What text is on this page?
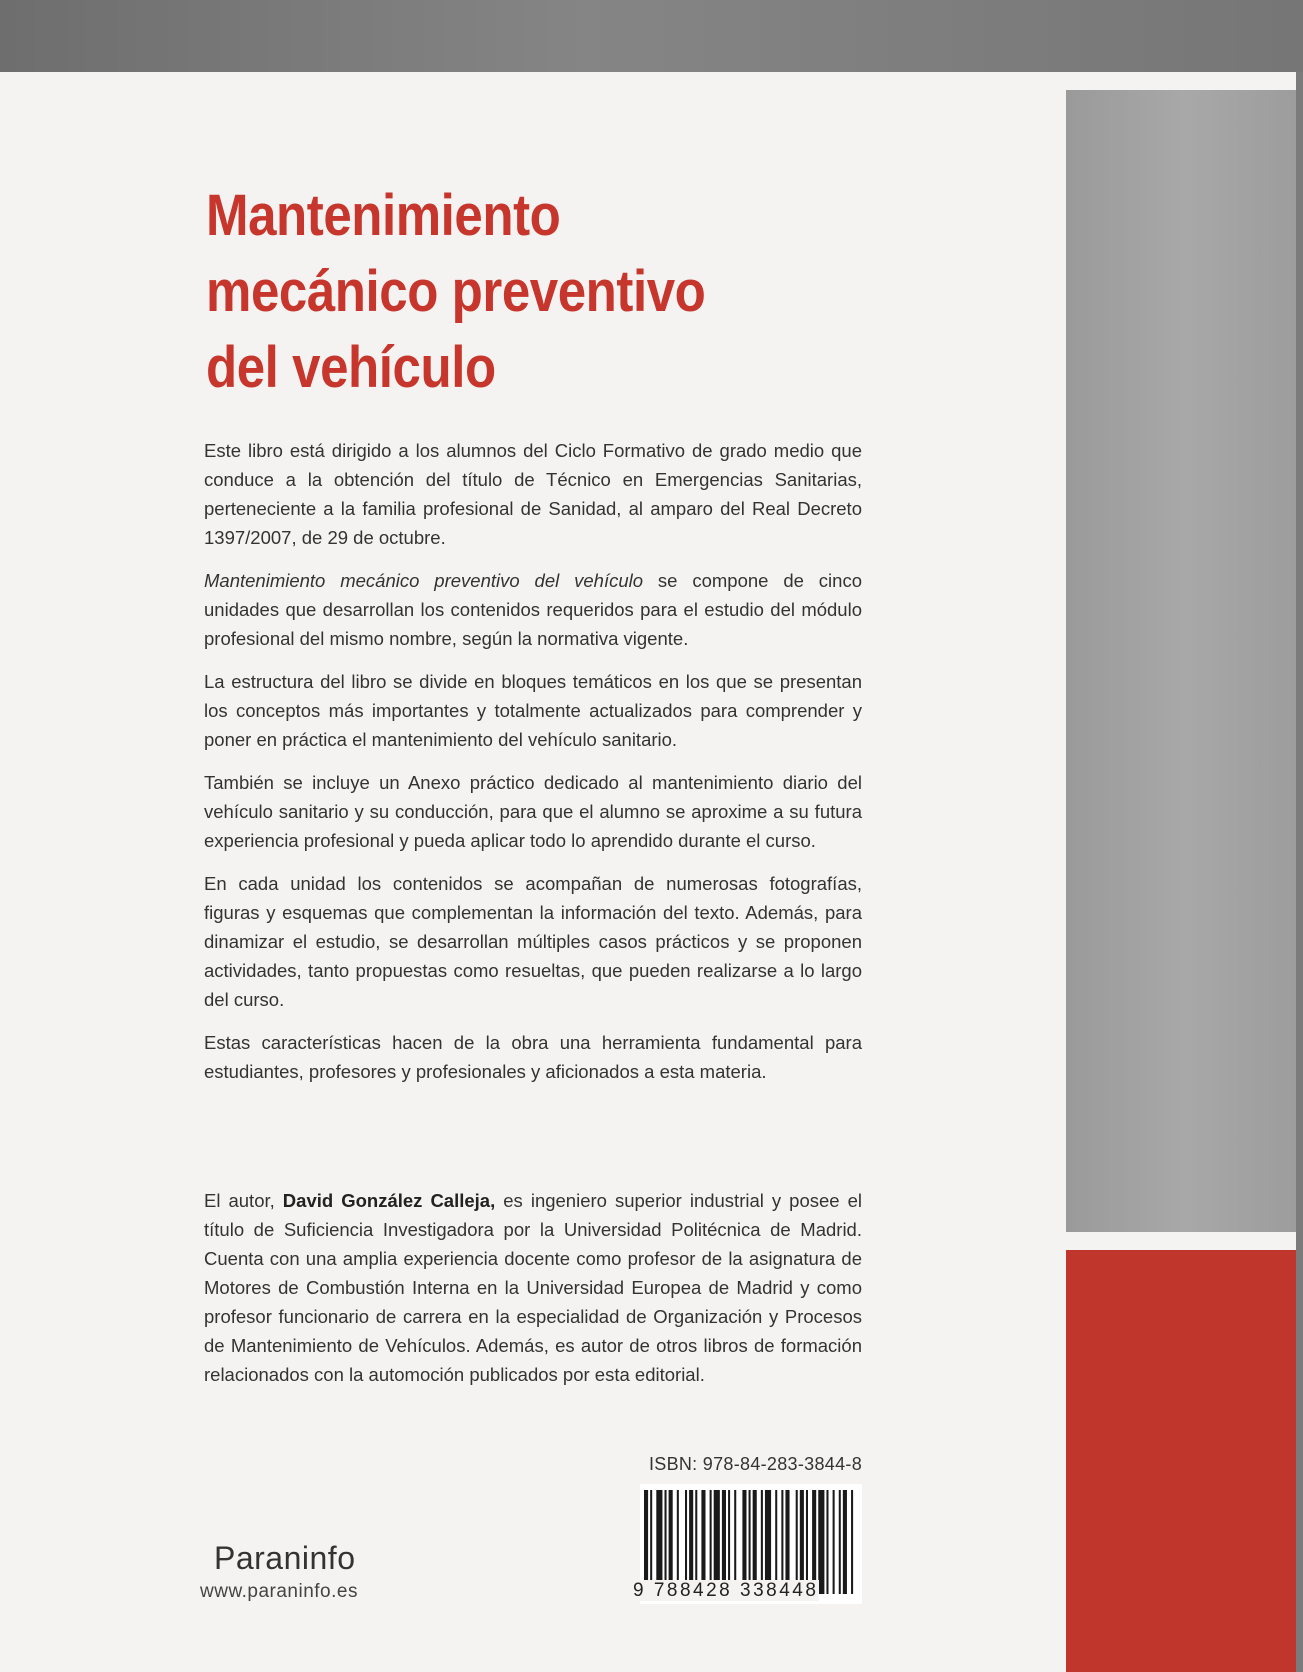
Mantenimiento
mecánico preventivo
del vehículo

Este libro está dirigido a los alumnos del Ciclo Formativo de grado medio que conduce a la obtención del título de Técnico en Emergencias Sanitarias, perteneciente a la familia profesional de Sanidad, al amparo del Real Decreto 1397/2007, de 29 de octubre.

Mantenimiento mecánico preventivo del vehículo se compone de cinco unidades que desarrollan los contenidos requeridos para el estudio del módulo profesional del mismo nombre, según la normativa vigente.

La estructura del libro se divide en bloques temáticos en los que se presentan los conceptos más importantes y totalmente actualizados para comprender y poner en práctica el mantenimiento del vehículo sanitario.

También se incluye un Anexo práctico dedicado al mantenimiento diario del vehículo sanitario y su conducción, para que el alumno se aproxime a su futura experiencia profesional y pueda aplicar todo lo aprendido durante el curso.

En cada unidad los contenidos se acompañan de numerosas fotografías, figuras y esquemas que complementan la información del texto. Además, para dinamizar el estudio, se desarrollan múltiples casos prácticos y se proponen actividades, tanto propuestas como resueltas, que pueden realizarse a lo largo del curso.

Estas características hacen de la obra una herramienta fundamental para estudiantes, profesores y profesionales y aficionados a esta materia.

El autor, David González Calleja, es ingeniero superior industrial y posee el título de Suficiencia Investigadora por la Universidad Politécnica de Madrid. Cuenta con una amplia experiencia docente como profesor de la asignatura de Motores de Combustión Interna en la Universidad Europea de Madrid y como profesor funcionario de carrera en la especialidad de Organización y Procesos de Mantenimiento de Vehículos. Además, es autor de otros libros de formación relacionados con la automoción publicados por esta editorial.

ISBN: 978-84-283-3844-8
9 788428 338448
Paraninfo
www.paraninfo.es
